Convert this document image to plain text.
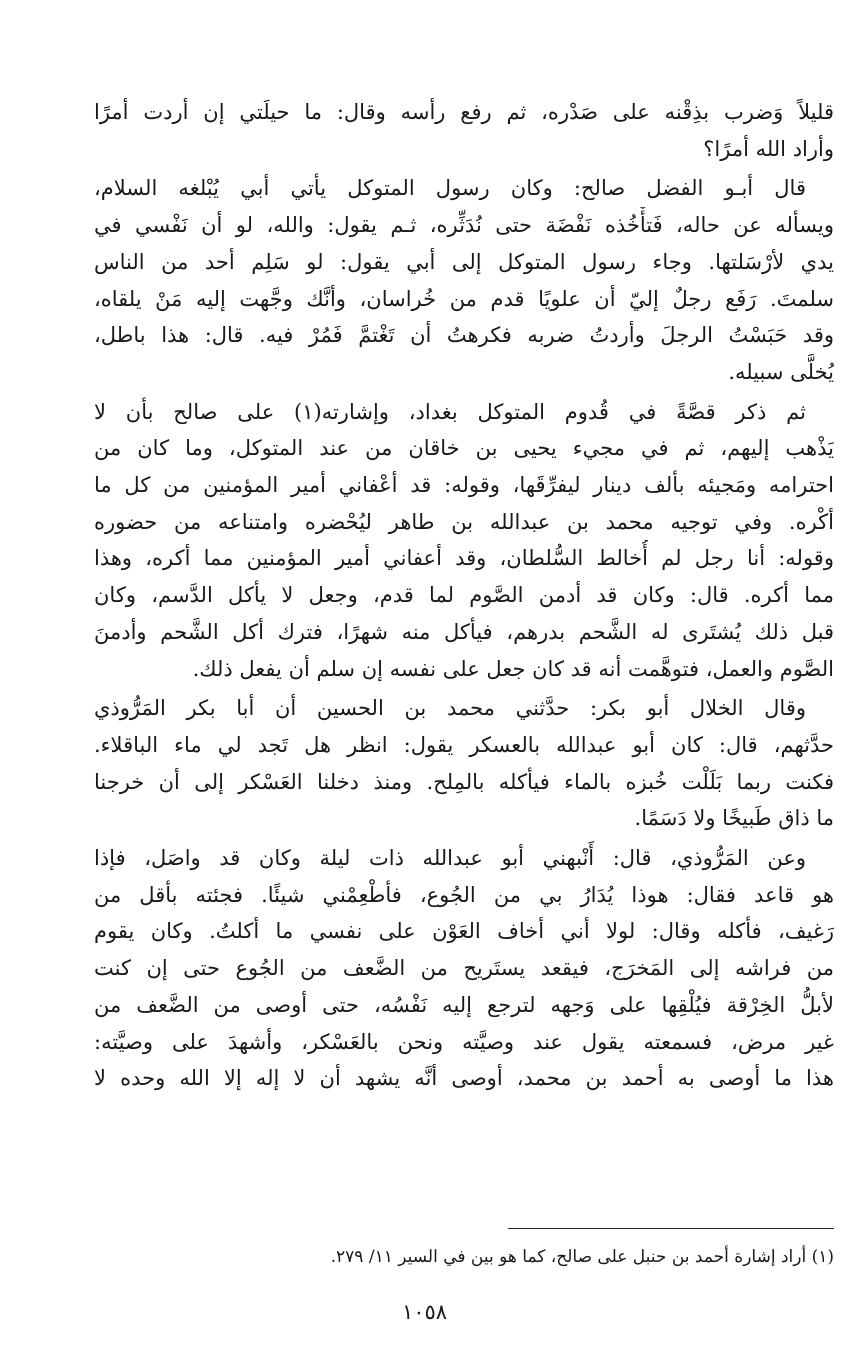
قليلاً وَضرب بذِقْنه على صَدْره، ثم رفع رأسه وقال: ما حيلَتي إن أردت أمرًا
وأراد الله أمرًا؟
قال أبـو الفضل صالح: وكان رسول المتوكل يأتي أبي يُبْلغه السلام،
ويسأله عن حاله، فَتأْخُذه نَفْضَة حتى نُدَثِّره، ثـم يقول: والله، لو أن نَفْسي في
يدي لأرْسَلتها. وجاء رسول المتوكل إلى أبي يقول: لو سَلِم أحد من الناس
سلمتَ. رَفَع رجلٌ إليّ أن علويًا قدم من خُراسان، وأنَّك وجَّهت إليه مَنْ يلقاه،
وقد حَبَسْتُ الرجلَ وأردتُ ضربه فكرهتُ أن تَغْتمَّ فَمُرْ فيه. قال: هذا باطل،
يُخلَّى سبيله.
ثم ذكر قصَّةً في قُدوم المتوكل بغداد، وإشارته(١) على صالح بأن لا
يَذْهب إليهم، ثم في مجيء يحيى بن خاقان من عند المتوكل، وما كان من
احترامه ومَجيئه بألف دينار ليفرِّقَها، وقوله: قد أعْفاني أمير المؤمنين من كل ما
أكْره. وفي توجيه محمد بن عبدالله بن طاهر ليُحْضره وامتناعه من حضوره
وقوله: أنا رجل لم أُخالط السُّلطان، وقد أعفاني أمير المؤمنين مما أكره، وهذا
مما أكره. قال: وكان قد أدمن الصَّوم لما قدم، وجعل لا يأكل الدَّسم، وكان
قبل ذلك يُشتَرى له الشَّحم بدرهم، فيأكل منه شهرًا، فترك أكل الشَّحم وأدمنَ
الصَّوم والعمل، فتوهَّمت أنه قد كان جعل على نفسه إن سلم أن يفعل ذلك.
وقال الخلال أبو بكر: حدَّثني محمد بن الحسين أن أبا بكر المَرُّوذي
حدَّثهم، قال: كان أبو عبدالله بالعسكر يقول: انظر هل تَجد لي ماء الباقلاء.
فكنت ربما بَلَلْت خُبزه بالماء فيأكله بالمِلح. ومنذ دخلنا العَسْكر إلى أن خرجنا
ما ذاق طَبيخًا ولا دَسَمًا.
وعن المَرُّوذي، قال: أَنْبهني أبو عبدالله ذات ليلة وكان قد واصَل، فإذا
هو قاعد فقال: هوذا يُدَارُ بي من الجُوع، فأطْعِمْني شيئًا. فجئته بأقل من
رَغيف، فأكله وقال: لولا أني أخاف العَوْن على نفسي ما أكلتُ. وكان يقوم
من فراشه إلى المَخرَج، فيقعد يستَريح من الضَّعف من الجُوع حتى إن كنت
لأبلُّ الخِرْقة فيُلْقِها على وَجهه لترجع إليه نَفْسُه، حتى أوصى من الضَّعف من
غير مرض، فسمعته يقول عند وصيَّته ونحن بالعَسْكر، وأشهدَ على وصيَّته:
هذا ما أوصى به أحمد بن محمد، أوصى أنَّه يشهد أن لا إله إلا الله وحده لا
(١) أراد إشارة أحمد بن حنبل على صالح، كما هو بين في السير ١١/ ٢٧٩.
١٠٥٨
